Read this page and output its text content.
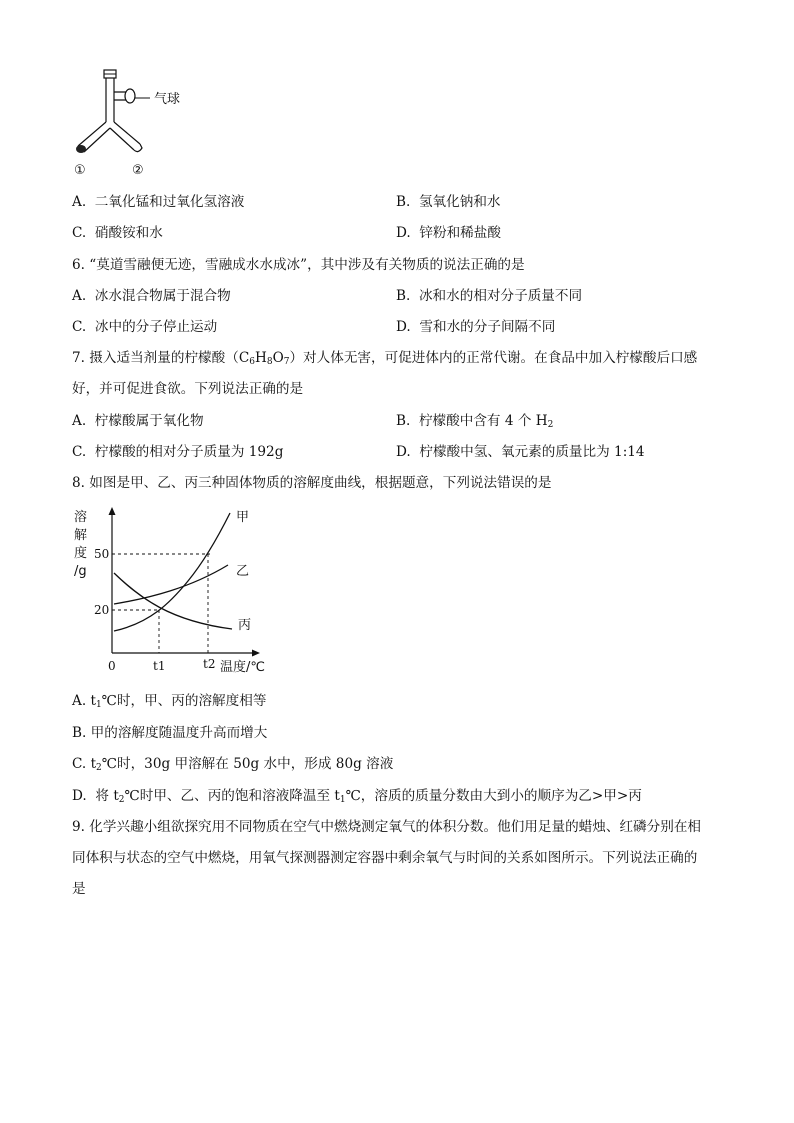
气球
①	②
A. 二氧化锰和过氧化氢溶液	B. 氢氧化钠和水
C. 硝酸铵和水	D. 锌粉和稀盐酸
6. “莫道雪融便无迹，雪融成水水成冰”，其中涉及有关物质的说法正确的是
A. 冰水混合物属于混合物	B. 冰和水的相对分子质量不同
C. 冰中的分子停止运动	D. 雪和水的分子间隔不同
7. 摄入适当剂量的柠檬酸$(C_6H_8O_7)$对人体无害，可促进体内的正常代谢。在食品中加入柠檬酸后口感
好，并可促进食欲。下列说法正确的是
A. 柠檬酸属于氧化物	B. 柠檬酸中含有 4 个 $H_2$
C. 柠檬酸的相对分子质量为 192g	D. 柠檬酸中氢、氧元素的质量比为 1:14
8. 如图是甲、乙、丙三种固体物质的溶解度曲线，根据题意，下列说法错误的是
溶
解
度
/g
甲
乙
丙
50
20
0	t1	t2 温度/℃
A. $t_1℃$时，甲、丙的溶解度相等
B. 甲的溶解度随温度升高而增大
C. $t_2℃$时，30g 甲溶解在 50g 水中，形成 80g 溶液
D. 将 $t_2℃$时甲、乙、丙的饱和溶液降温至 $t_1℃$，溶质的质量分数由大到小的顺序为乙>甲>丙
9. 化学兴趣小组欲探究用不同物质在空气中燃烧测定氧气的体积分数。他们用足量的蜡烛、红磷分别在相
同体积与状态的空气中燃烧，用氧气探测器测定容器中剩余氧气与时间的关系如图所示。下列说法正确的
是
